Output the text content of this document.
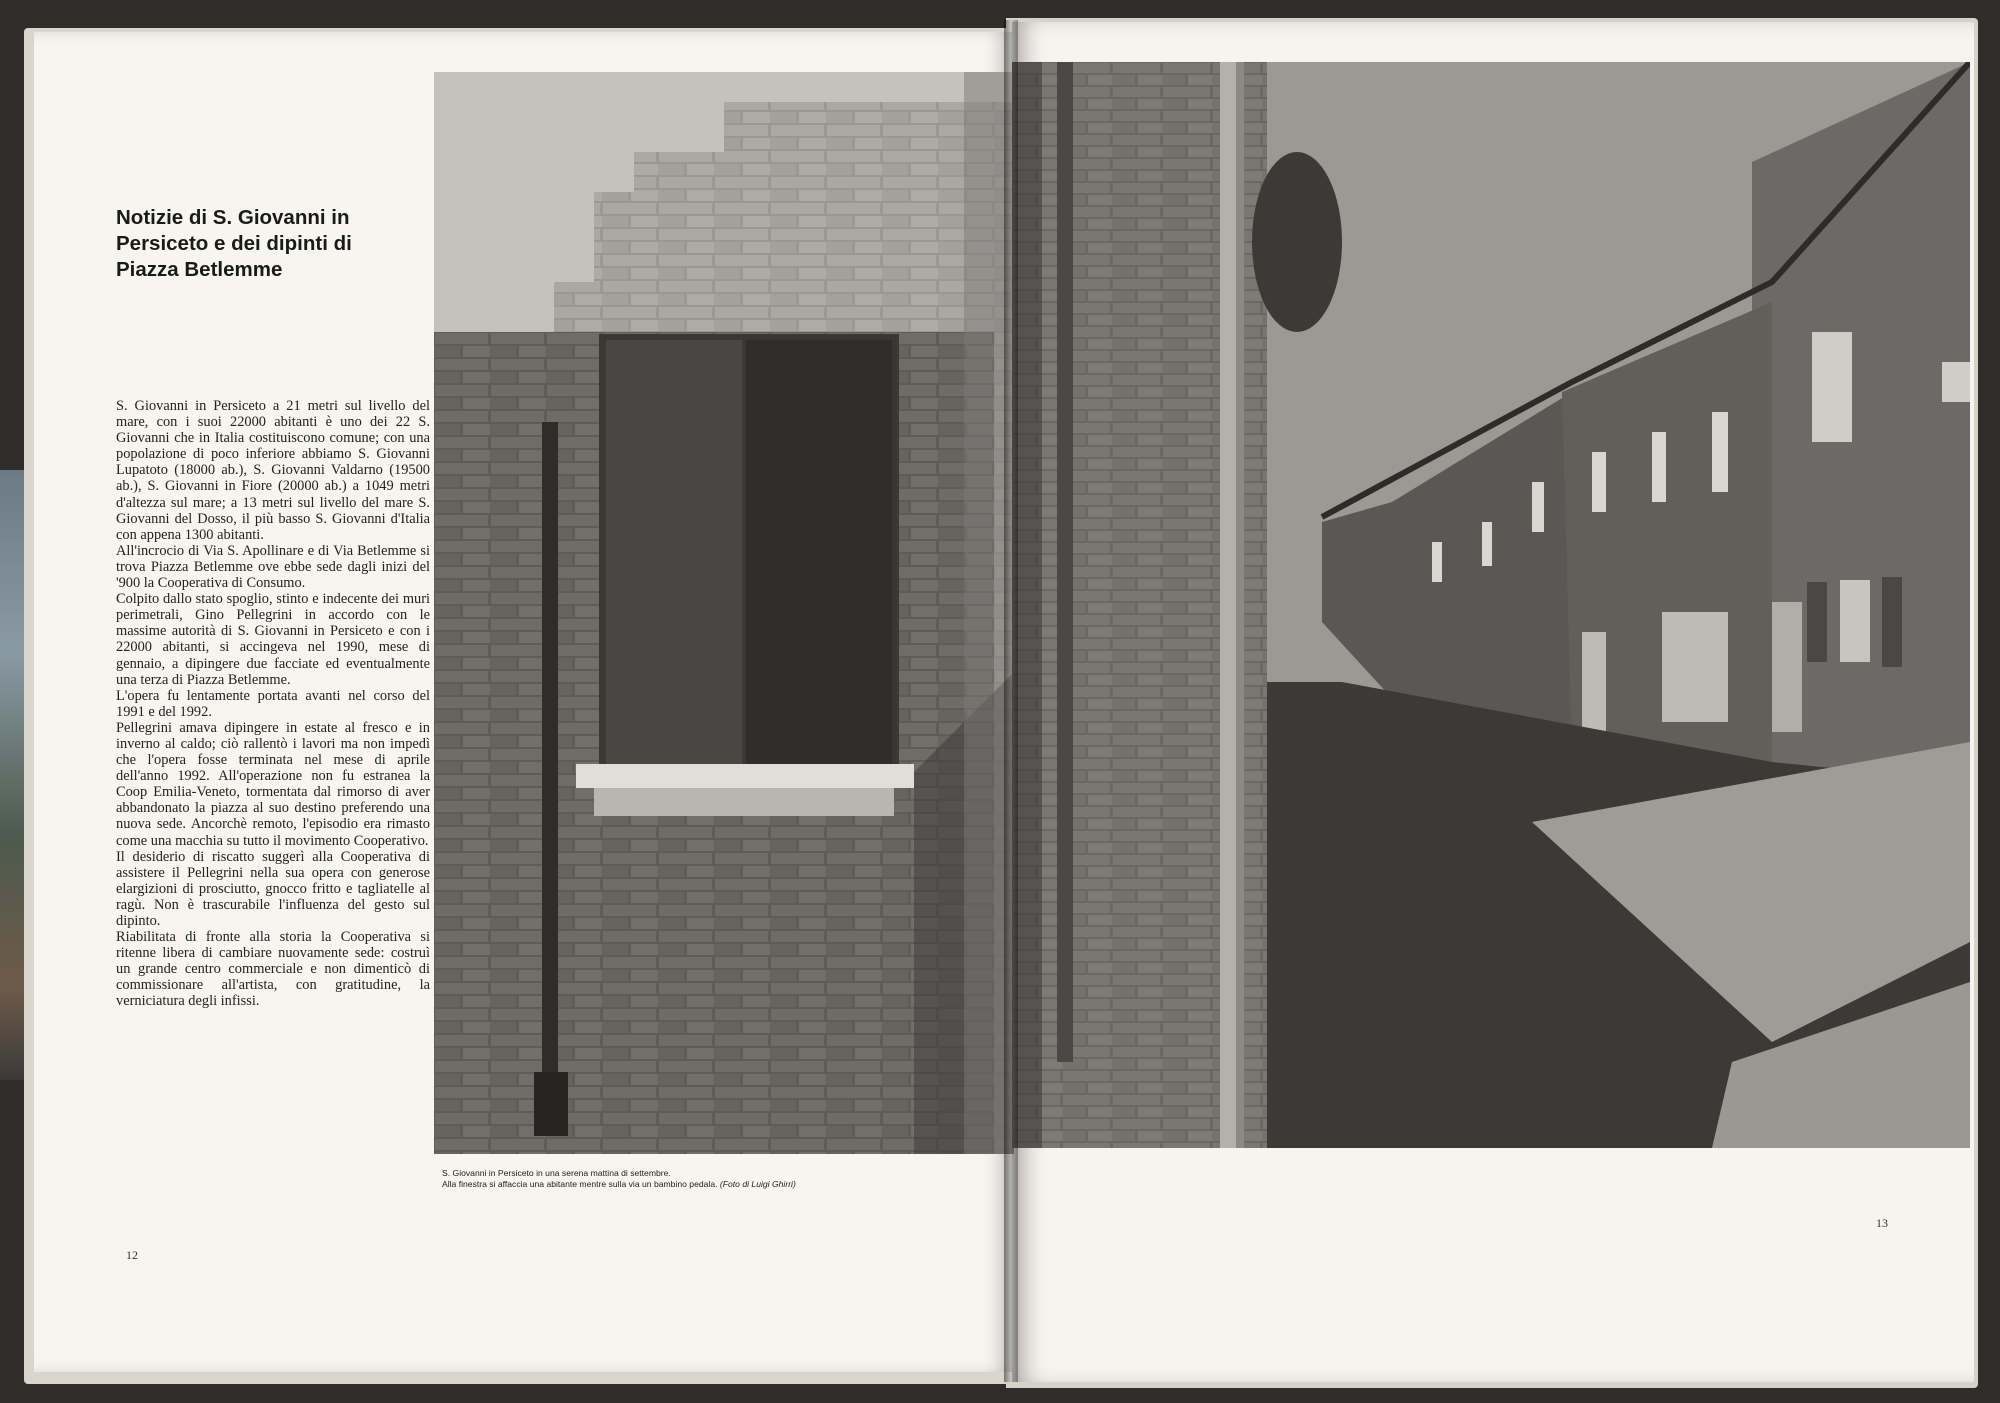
Notizie di S. Giovanni in Persiceto e dei dipinti di Piazza Betlemme

S. Giovanni in Persiceto a 21 metri sul livello del mare, con i suoi 22000 abitanti è uno dei 22 S. Giovanni che in Italia costituiscono comune; con una popolazione di poco inferiore abbiamo S. Giovanni Lupatoto (18000 ab.), S. Giovanni Valdarno (19500 ab.), S. Giovanni in Fiore (20000 ab.) a 1049 metri d'altezza sul mare; a 13 metri sul livello del mare S. Giovanni del Dosso, il più basso S. Giovanni d'Italia con appena 1300 abitanti.

All'incrocio di Via S. Apollinare e di Via Betlemme si trova Piazza Betlemme ove ebbe sede dagli inizi del '900 la Cooperativa di Consumo.

Colpito dallo stato spoglio, stinto e indecente dei muri perimetrali, Gino Pellegrini in accordo con le massime autorità di S. Giovanni in Persiceto e con i 22000 abitanti, si accingeva nel 1990, mese di gennaio, a dipingere due facciate ed eventualmente una terza di Piazza Betlemme.

L'opera fu lentamente portata avanti nel corso del 1991 e del 1992.

Pellegrini amava dipingere in estate al fresco e in inverno al caldo; ciò rallentò i lavori ma non impedì che l'opera fosse terminata nel mese di aprile dell'anno 1992. All'operazione non fu estranea la Coop Emilia-Veneto, tormentata dal rimorso di aver abbandonato la piazza al suo destino preferendo una nuova sede. Ancorchè remoto, l'episodio era rimasto come una macchia su tutto il movimento Cooperativo.

Il desiderio di riscatto suggerì alla Cooperativa di assistere il Pellegrini nella sua opera con generose elargizioni di prosciutto, gnocco fritto e tagliatelle al ragù. Non è trascurabile l'influenza del gesto sul dipinto.

Riabilitata di fronte alla storia la Cooperativa si ritenne libera di cambiare nuovamente sede: costruì un grande centro commerciale e non dimenticò di commissionare all'artista, con gratitudine, la verniciatura degli infissi.

12
13
S. Giovanni in Persiceto in una serena mattina di settembre.
Alla finestra si affaccia una abitante mentre sulla via un bambino pedala. (Foto di Luigi Ghirri)
